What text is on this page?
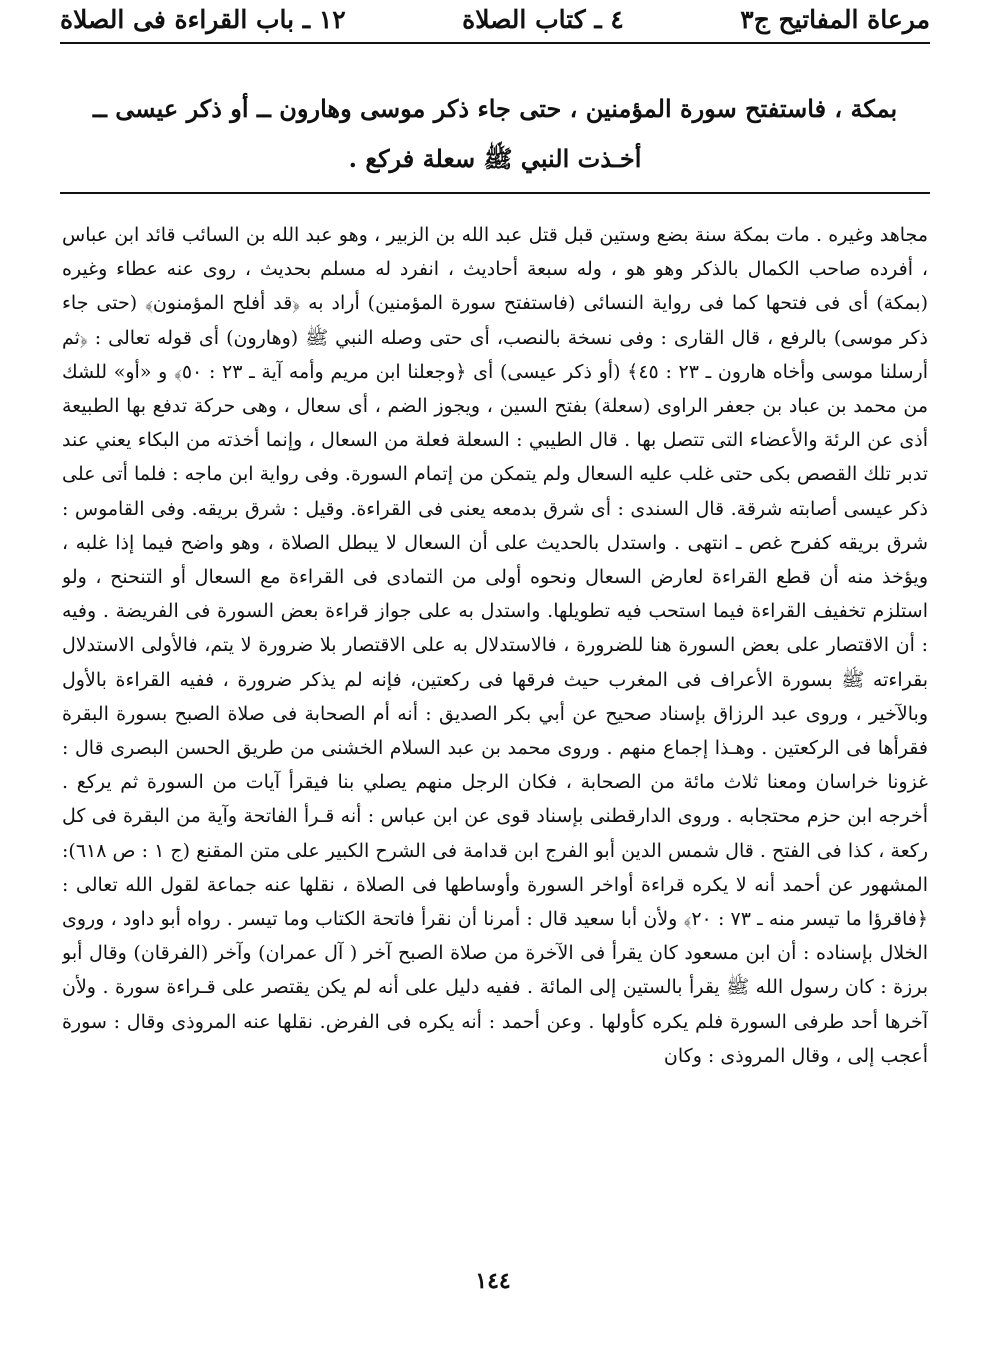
مرعاة المفاتيح ج٣
٤ ـ كتاب الصلاة
١٢ ـ باب القراءة فى الصلاة
بمكة ، فاستفتح سورة المؤمنين ، حتى جاء ذكر موسى وهارون ــ أو ذكر عيسى ــ أخـذت النبي ﷺ سعلة فركع .

مجاهد وغيره . مات بمكة سنة بضع وستين قبل قتل عبد الله بن الزبير ، وهو عبد الله بن السائب قائد ابن عباس ، أفرده صاحب الكمال بالذكر وهو هو ، وله سبعة أحاديث ، انفرد له مسلم بحديث ، روى عنه عطاء وغيره (بمكة) أى فى فتحها كما فى رواية النسائى (فاستفتح سورة المؤمنين) أراد به ﴿قد أفلح المؤمنون﴾ (حتى جاء ذكر موسى) بالرفع ، قال القارى : وفى نسخة بالنصب، أى حتى وصله النبي ﷺ (وهارون) أى قوله تعالى : ﴿ثم أرسلنا موسى وأخاه هارون ـ ٢٣ : ٤٥﴾ (أو ذكر عيسى) أى ﴿وجعلنا ابن مريم وأمه آية ـ ٢٣ : ٥٠﴾ و «أو» للشك من محمد بن عباد بن جعفر الراوى (سعلة) بفتح السين ، ويجوز الضم ، أى سعال ، وهى حركة تدفع بها الطبيعة أذى عن الرئة والأعضاء التى تتصل بها . قال الطيبي : السعلة فعلة من السعال ، وإنما أخذته من البكاء يعني عند تدبر تلك القصص بكى حتى غلب عليه السعال ولم يتمكن من إتمام السورة. وفى رواية ابن ماجه : فلما أتى على ذكر عيسى أصابته شرقة. قال السندى : أى شرق بدمعه يعنى فى القراءة. وقيل : شرق بريقه. وفى القاموس : شرق بريقه كفرح غص ـ انتهى . واستدل بالحديث على أن السعال لا يبطل الصلاة ، وهو واضح فيما إذا غلبه ، ويؤخذ منه أن قطع القراءة لعارض السعال ونحوه أولى من التمادى فى القراءة مع السعال أو التنحنح ، ولو استلزم تخفيف القراءة فيما استحب فيه تطويلها. واستدل به على جواز قراءة بعض السورة فى الفريضة . وفيه : أن الاقتصار على بعض السورة هنا للضرورة ، فالاستدلال به على الاقتصار بلا ضرورة لا يتم، فالأولى الاستدلال بقراءته ﷺ بسورة الأعراف فى المغرب حيث فرقها فى ركعتين، فإنه لم يذكر ضرورة ، ففيه القراءة بالأول وبالآخير ، وروى عبد الرزاق بإسناد صحيح عن أبي بكر الصديق : أنه أم الصحابة فى صلاة الصبح بسورة البقرة فقرأها فى الركعتين . وهـذا إجماع منهم . وروى محمد بن عبد السلام الخشنى من طريق الحسن البصرى قال : غزونا خراسان ومعنا ثلاث مائة من الصحابة ، فكان الرجل منهم يصلي بنا فيقرأ آيات من السورة ثم يركع . أخرجه ابن حزم محتجابه . وروى الدارقطنى بإسناد قوى عن ابن عباس : أنه قـرأ الفاتحة وآية من البقرة فى كل ركعة ، كذا فى الفتح . قال شمس الدين أبو الفرج ابن قدامة فى الشرح الكبير على متن المقنع (ج ١ : ص ٦١٨): المشهور عن أحمد أنه لا يكره قراءة أواخر السورة وأوساطها فى الصلاة ، نقلها عنه جماعة لقول الله تعالى : ﴿فاقرؤا ما تيسر منه ـ ٧٣ : ٢٠﴾ ولأن أبا سعيد قال : أمرنا أن نقرأ فاتحة الكتاب وما تيسر . رواه أبو داود ، وروى الخلال بإسناده : أن ابن مسعود كان يقرأ فى الآخرة من صلاة الصبح آخر ( آل عمران) وآخر (الفرقان) وقال أبو برزة : كان رسول الله ﷺ يقرأ بالستين إلى المائة . ففيه دليل على أنه لم يكن يقتصر على قـراءة سورة . ولأن آخرها أحد طرفى السورة فلم يكره كأولها . وعن أحمد : أنه يكره فى الفرض. نقلها عنه المروذى وقال : سورة أعجب إلى ، وقال المروذى : وكان

١٤٤
